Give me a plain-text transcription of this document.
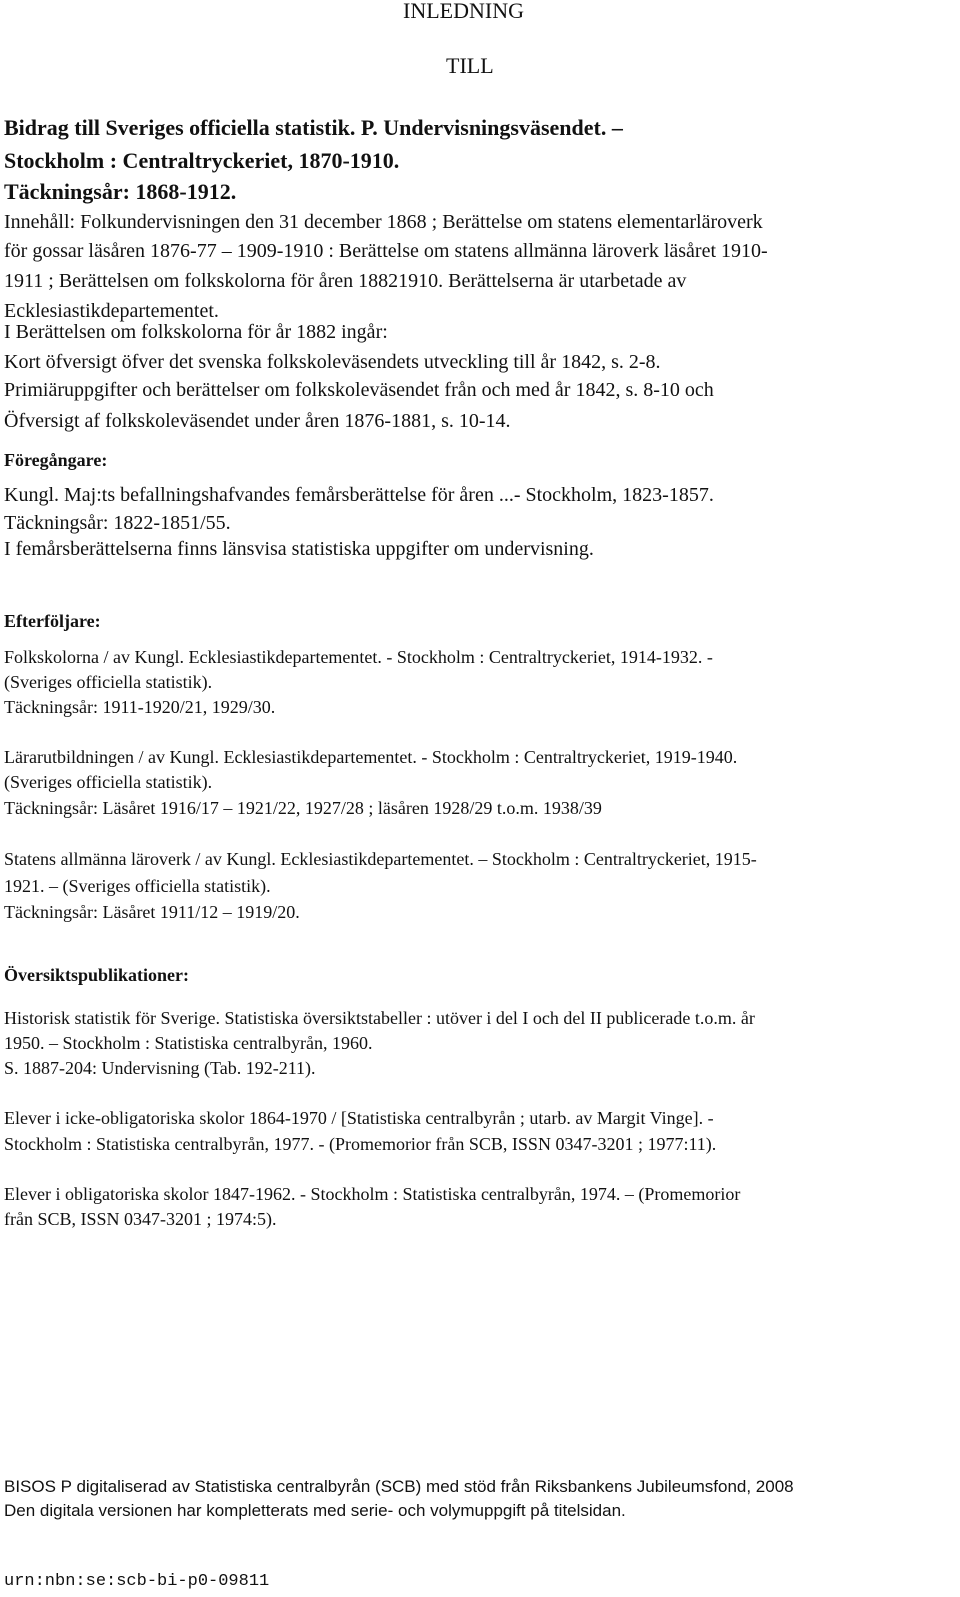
INLEDNING
TILL
Bidrag till Sveriges officiella statistik. P. Undervisningsväsendet. –
Stockholm : Centraltryckeriet, 1870-1910.
Täckningsår: 1868-1912.
Innehåll: Folkundervisningen den 31 december 1868 ; Berättelse om statens elementarläroverk
för gossar läsåren 1876-77 – 1909-1910 : Berättelse om statens allmänna läroverk läsåret 1910-
1911 ; Berättelsen om folkskolorna för åren 18821910. Berättelserna är utarbetade av
Ecklesiastikdepartementet.
I Berättelsen om folkskolorna för år 1882 ingår:
Kort öfversigt öfver det svenska folkskoleväsendets utveckling till år 1842, s. 2-8.
Primiäruppgifter och berättelser om folkskoleväsendet från och med år 1842, s. 8-10 och
Öfversigt af folkskoleväsendet under åren 1876-1881, s. 10-14.
Föregångare:
Kungl. Maj:ts befallningshafvandes femårsberättelse för åren ...- Stockholm, 1823-1857.
Täckningsår: 1822-1851/55.
I femårsberättelserna finns länsvisa statistiska uppgifter om undervisning.
Efterföljare:
Folkskolorna / av Kungl. Ecklesiastikdepartementet. - Stockholm : Centraltryckeriet, 1914-1932. -
(Sveriges officiella statistik).
Täckningsår: 1911-1920/21, 1929/30.
Lärarutbildningen / av Kungl. Ecklesiastikdepartementet. - Stockholm : Centraltryckeriet, 1919-1940.
(Sveriges officiella statistik).
Täckningsår: Läsåret 1916/17 – 1921/22, 1927/28 ; läsåren 1928/29 t.o.m. 1938/39
Statens allmänna läroverk / av Kungl. Ecklesiastikdepartementet. – Stockholm : Centraltryckeriet, 1915-
1921. – (Sveriges officiella statistik).
Täckningsår: Läsåret 1911/12 – 1919/20.
Översiktspublikationer:
Historisk statistik för Sverige. Statistiska översiktstabeller : utöver i del I och del II publicerade t.o.m. år
1950. – Stockholm : Statistiska centralbyrån, 1960.
S. 1887-204: Undervisning (Tab. 192-211).
Elever i icke-obligatoriska skolor 1864-1970 / [Statistiska centralbyrån ; utarb. av Margit Vinge]. -
Stockholm : Statistiska centralbyrån, 1977. - (Promemorior från SCB, ISSN 0347-3201 ; 1977:11).
Elever i obligatoriska skolor 1847-1962. - Stockholm : Statistiska centralbyrån, 1974. – (Promemorior
från SCB, ISSN 0347-3201 ; 1974:5).
BISOS P digitaliserad av Statistiska centralbyrån (SCB) med stöd från Riksbankens Jubileumsfond, 2008
Den digitala versionen har kompletterats med serie- och volymuppgift på titelsidan.
urn:nbn:se:scb-bi-p0-09811
